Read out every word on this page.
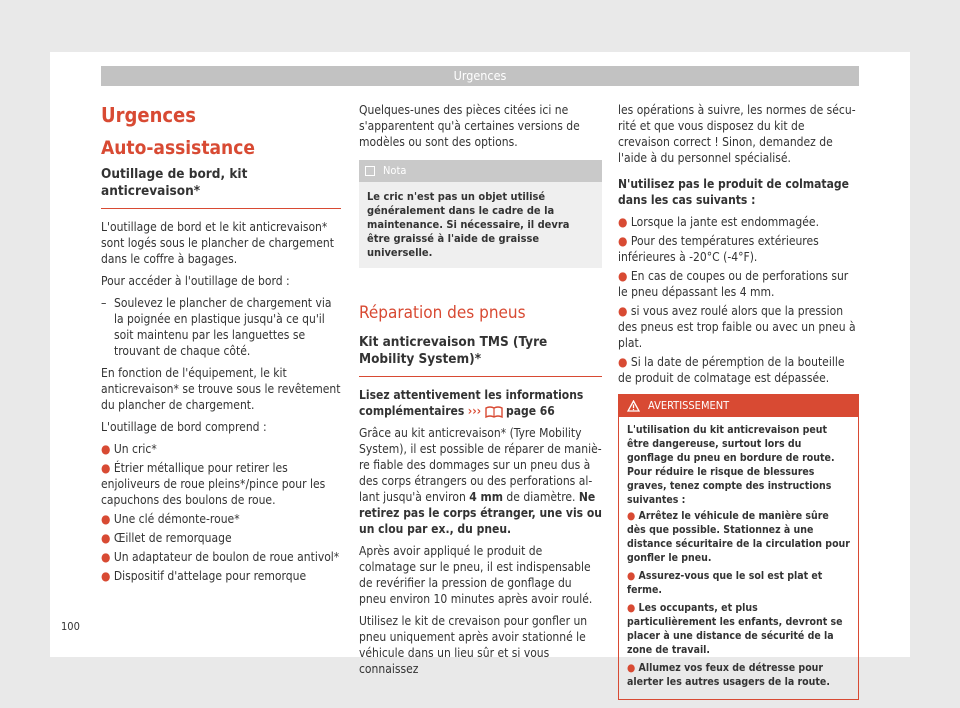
Urgences
Urgences
Auto-assistance
Outillage de bord, kit anticrevaison*

L'outillage de bord et le kit anticrevaison* sont logés sous le plancher de chargement dans le coffre à bagages.

Pour accéder à l'outillage de bord :

– Soulevez le plancher de chargement via la poignée en plastique jusqu'à ce qu'il soit maintenu par les languettes se trouvant de chaque côté.

En fonction de l'équipement, le kit anticrevaison* se trouve sous le revêtement du plancher de chargement.

L'outillage de bord comprend :

● Un cric*
● Étrier métallique pour retirer les enjoliveurs de roue pleins*/pince pour les capuchons des boulons de roue.
● Une clé démonte-roue*
● Œillet de remorquage
● Un adaptateur de boulon de roue antivol*
● Dispositif d'attelage pour remorque

Quelques-unes des pièces citées ici ne s'apparentent qu'à certaines versions de modèles ou sont des options.

Nota
Le cric n'est pas un objet utilisé généralement dans le cadre de la maintenance. Si nécessaire, il devra être graissé à l'aide de graisse universelle.
Réparation des pneus
Kit anticrevaison TMS (Tyre Mobility System)*

Lisez attentivement les informations complémentaires ››› page 66

Grâce au kit anticrevaison* (Tyre Mobility System), il est possible de réparer de manière fiable des dommages sur un pneu dus à des corps étrangers ou des perforations allant jusqu'à environ 4 mm de diamètre. Ne retirez pas le corps étranger, une vis ou un clou par ex., du pneu.

Après avoir appliqué le produit de colmatage sur le pneu, il est indispensable de revérifier la pression de gonflage du pneu environ 10 minutes après avoir roulé.

Utilisez le kit de crevaison pour gonfler un pneu uniquement après avoir stationné le véhicule dans un lieu sûr et si vous connaissez

les opérations à suivre, les normes de sécurité et que vous disposez du kit de crevaison correct ! Sinon, demandez de l'aide à du personnel spécialisé.

N'utilisez pas le produit de colmatage dans les cas suivants :

● Lorsque la jante est endommagée.
● Pour des températures extérieures inférieures à -20°C (-4°F).
● En cas de coupes ou de perforations sur le pneu dépassant les 4 mm.
● si vous avez roulé alors que la pression des pneus est trop faible ou avec un pneu à plat.
● Si la date de péremption de la bouteille de produit de colmatage est dépassée.
AVERTISSEMENT
L'utilisation du kit anticrevaison peut être dangereuse, surtout lors du gonflage du pneu en bordure de route. Pour réduire le risque de blessures graves, tenez compte des instructions suivantes :
● Arrêtez le véhicule de manière sûre dès que possible. Stationnez à une distance sécuritaire de la circulation pour gonfler le pneu.
● Assurez-vous que le sol est plat et ferme.
● Les occupants, et plus particulièrement les enfants, devront se placer à une distance de sécurité de la zone de travail.
● Allumez vos feux de détresse pour alerter les autres usagers de la route.
100
